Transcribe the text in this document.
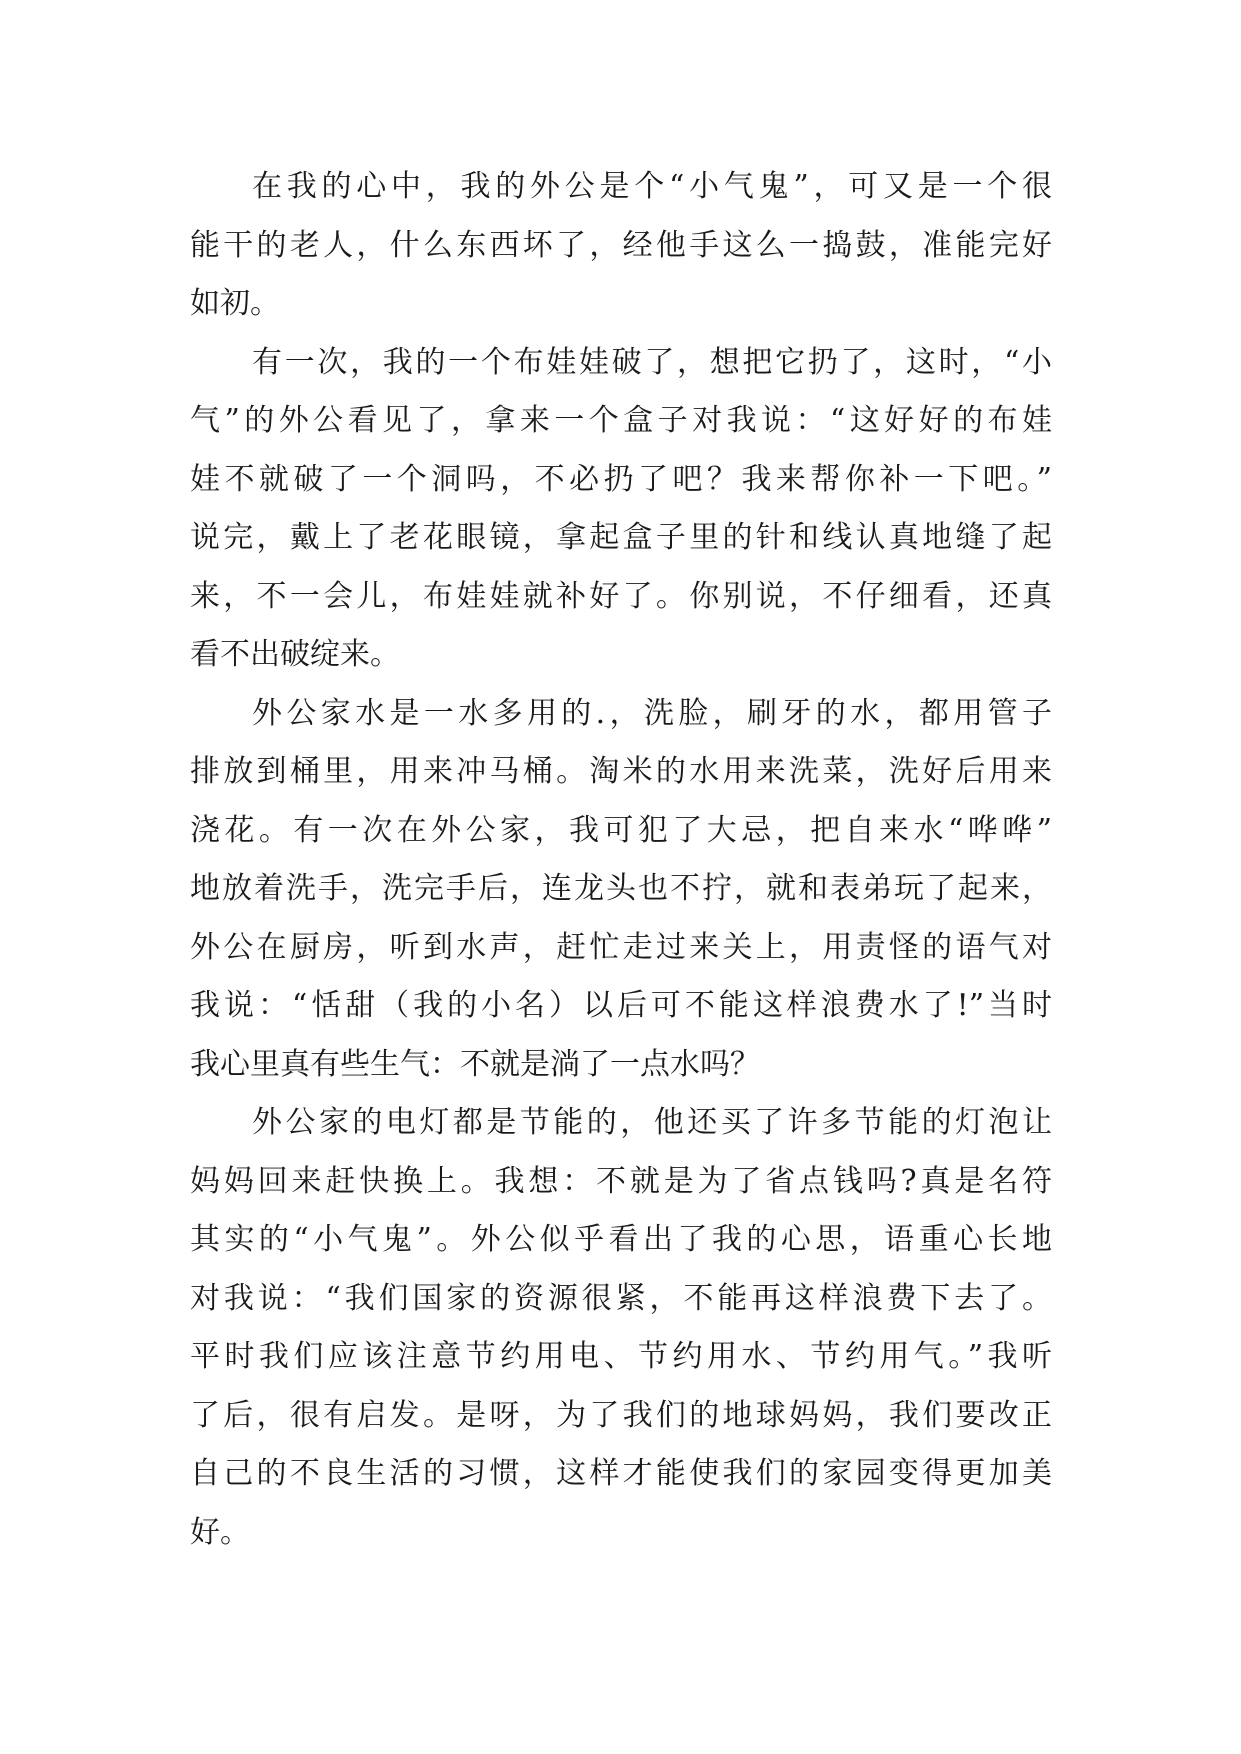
在我的心中，我的外公是个“小气鬼”，可又是一个很
能干的老人，什么东西坏了，经他手这么一捣鼓，准能完好
如初。
有一次，我的一个布娃娃破了，想把它扔了，这时，“小
气”的外公看见了，拿来一个盒子对我说：“这好好的布娃
娃不就破了一个洞吗，不必扔了吧？我来帮你补一下吧。”
说完，戴上了老花眼镜，拿起盒子里的针和线认真地缝了起
来，不一会儿，布娃娃就补好了。你别说，不仔细看，还真
看不出破绽来。
外公家水是一水多用的.，洗脸，刷牙的水，都用管子
排放到桶里，用来冲马桶。淘米的水用来洗菜，洗好后用来
浇花。有一次在外公家，我可犯了大忌，把自来水“哗哗”
地放着洗手，洗完手后，连龙头也不拧，就和表弟玩了起来，
外公在厨房，听到水声，赶忙走过来关上，用责怪的语气对
我说：“恬甜（我的小名）以后可不能这样浪费水了!”当时
我心里真有些生气：不就是淌了一点水吗？
外公家的电灯都是节能的，他还买了许多节能的灯泡让
妈妈回来赶快换上。我想：不就是为了省点钱吗?真是名符
其实的“小气鬼”。外公似乎看出了我的心思，语重心长地
对我说：“我们国家的资源很紧，不能再这样浪费下去了。
平时我们应该注意节约用电、节约用水、节约用气。”我听
了后，很有启发。是呀，为了我们的地球妈妈，我们要改正
自己的不良生活的习惯，这样才能使我们的家园变得更加美
好。
